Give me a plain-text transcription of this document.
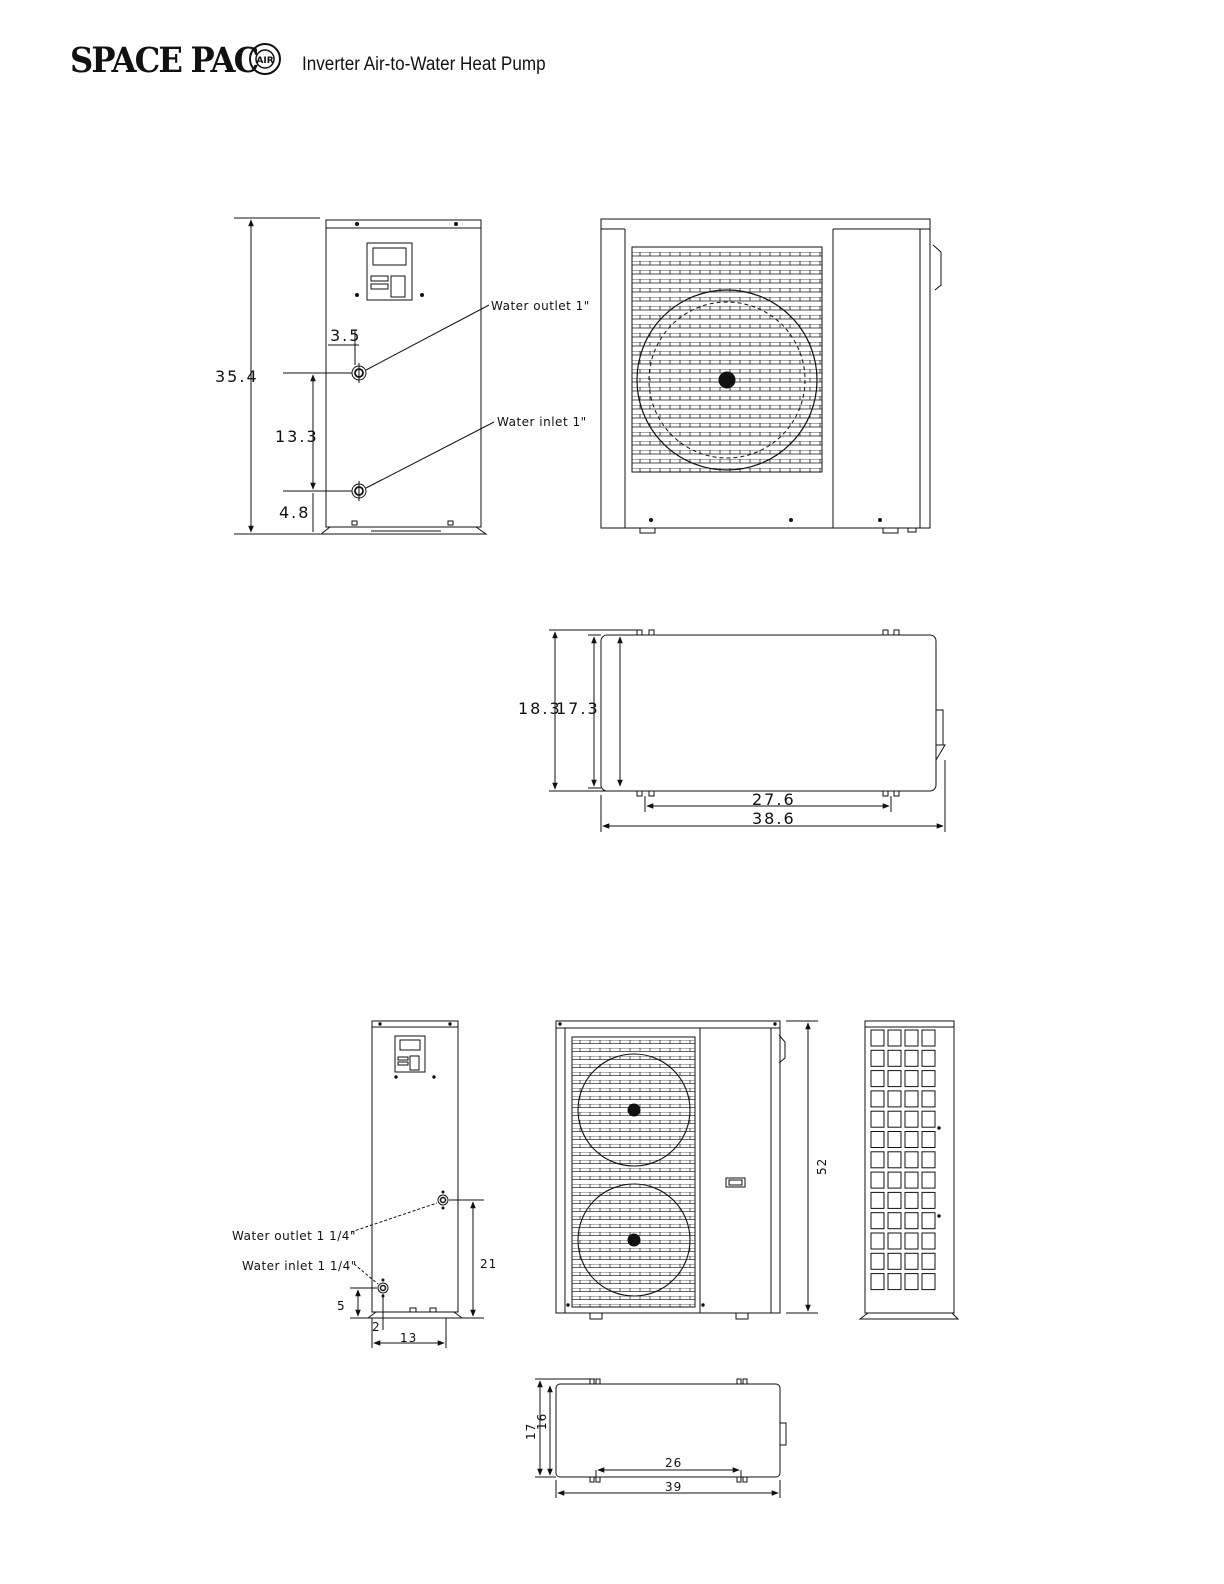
SPACE PAC
AIR Inverter Air-to-Water Heat Pump
35.4
3.5
13.3
4.8
Water outlet 1"
Water inlet 1"
18.3
17.3
27.6
38.6
Water outlet 1 1/4"
Water inlet 1 1/4"	21
5
2
13
52
17
16
26
39
